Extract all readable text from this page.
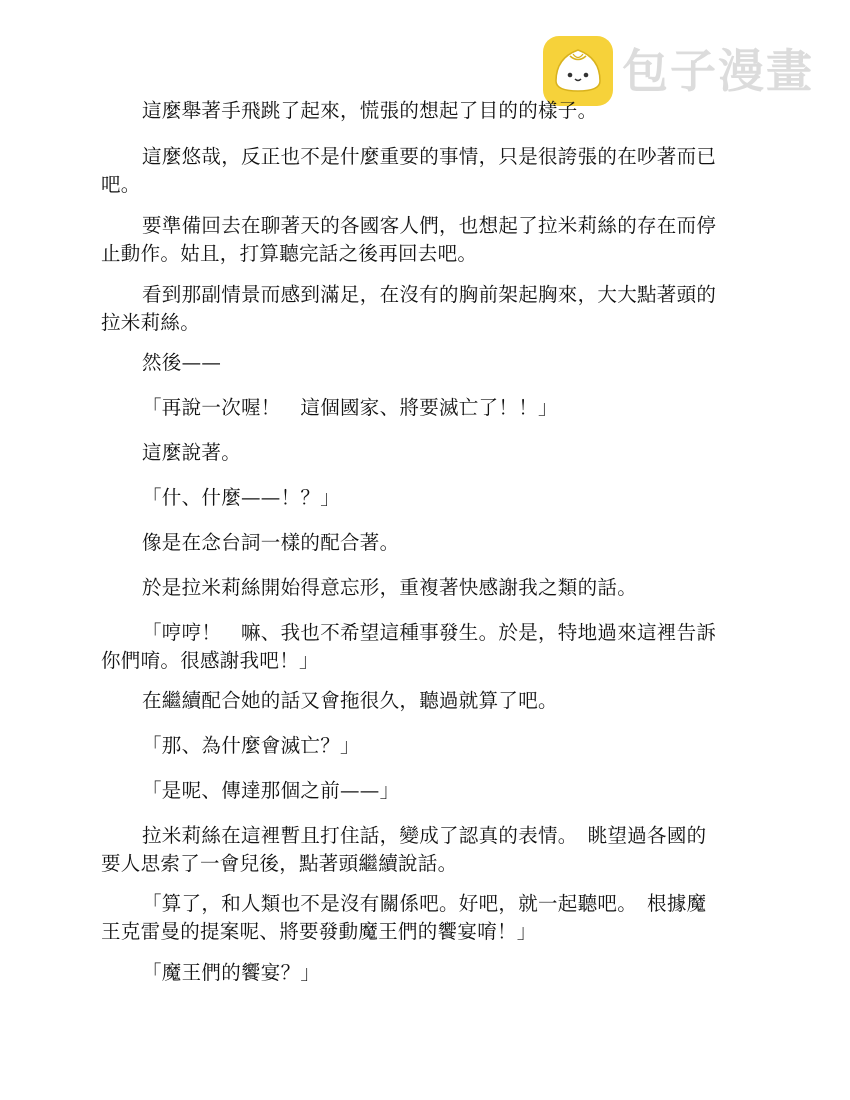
包子漫畫
這麼舉著手飛跳了起來，慌張的想起了目的的樣子。
這麼悠哉，反正也不是什麼重要的事情，只是很誇張的在吵著而已
吧。
要準備回去在聊著天的各國客人們，也想起了拉米莉絲的存在而停
止動作。姑且，打算聽完話之後再回去吧。
看到那副情景而感到滿足，在沒有的胸前架起胸來，大大點著頭的
拉米莉絲。
然後——
「再說一次喔！　這個國家、將要滅亡了！！」
這麼說著。
「什、什麼——！？」
像是在念台詞一樣的配合著。
於是拉米莉絲開始得意忘形，重複著快感謝我之類的話。
「哼哼！　嘛、我也不希望這種事發生。於是，特地過來這裡告訴
你們唷。很感謝我吧！」
在繼續配合她的話又會拖很久，聽過就算了吧。
「那、為什麼會滅亡？」
「是呢、傳達那個之前——」
拉米莉絲在這裡暫且打住話，變成了認真的表情。　眺望過各國的
要人思索了一會兒後，點著頭繼續說話。
「算了，和人類也不是沒有關係吧。好吧，就一起聽吧。　根據魔
王克雷曼的提案呢、將要發動魔王們的饗宴唷！」
「魔王們的饗宴？」
